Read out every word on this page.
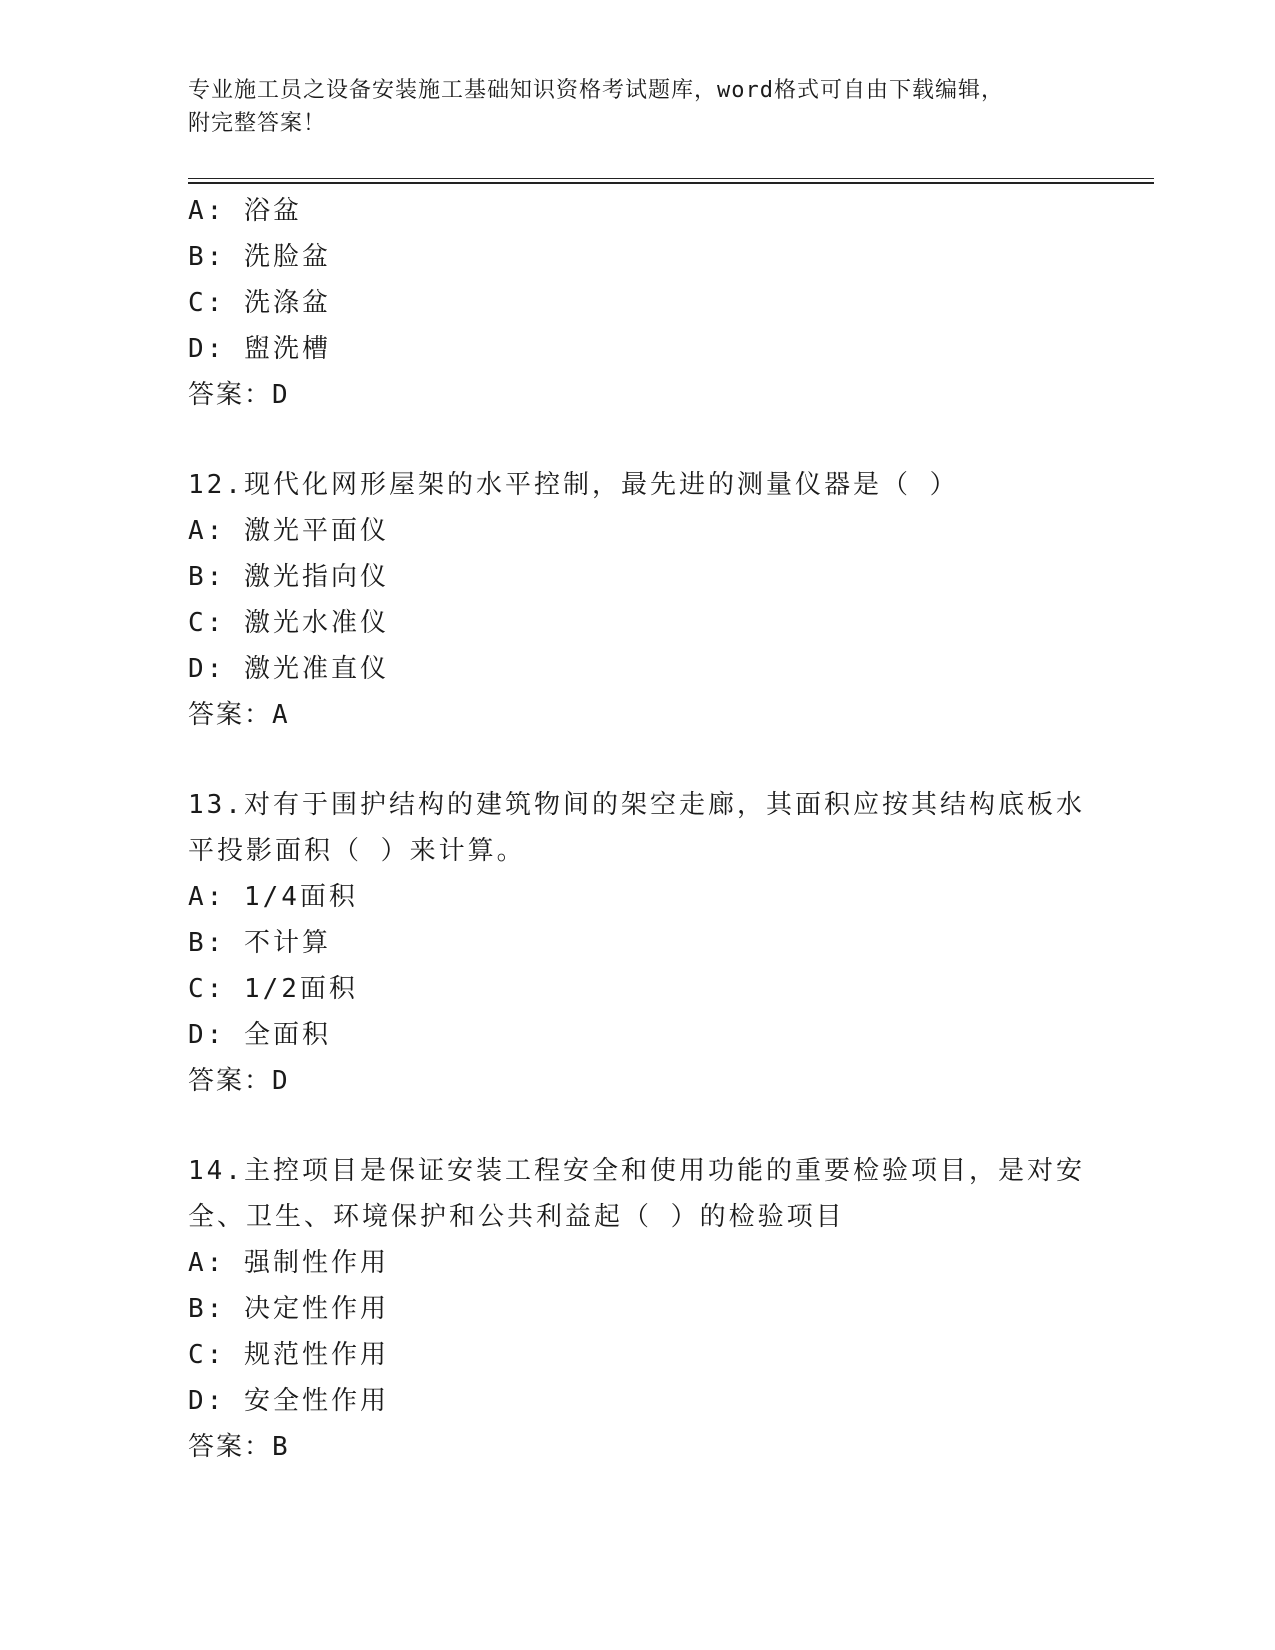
专业施工员之设备安装施工基础知识资格考试题库，word格式可自由下载编辑，
附完整答案！
A: 浴盆
B: 洗脸盆
C: 洗涤盆
D: 盥洗槽
答案：D
12.现代化网形屋架的水平控制，最先进的测量仪器是（ ）
A: 激光平面仪
B: 激光指向仪
C: 激光水准仪
D: 激光准直仪
答案：A
13.对有于围护结构的建筑物间的架空走廊，其面积应按其结构底板水
平投影面积（ ）来计算。
A: 1/4面积
B: 不计算
C: 1/2面积
D: 全面积
答案：D
14.主控项目是保证安装工程安全和使用功能的重要检验项目，是对安
全、卫生、环境保护和公共利益起（ ）的检验项目
A: 强制性作用
B: 决定性作用
C: 规范性作用
D: 安全性作用
答案：B
